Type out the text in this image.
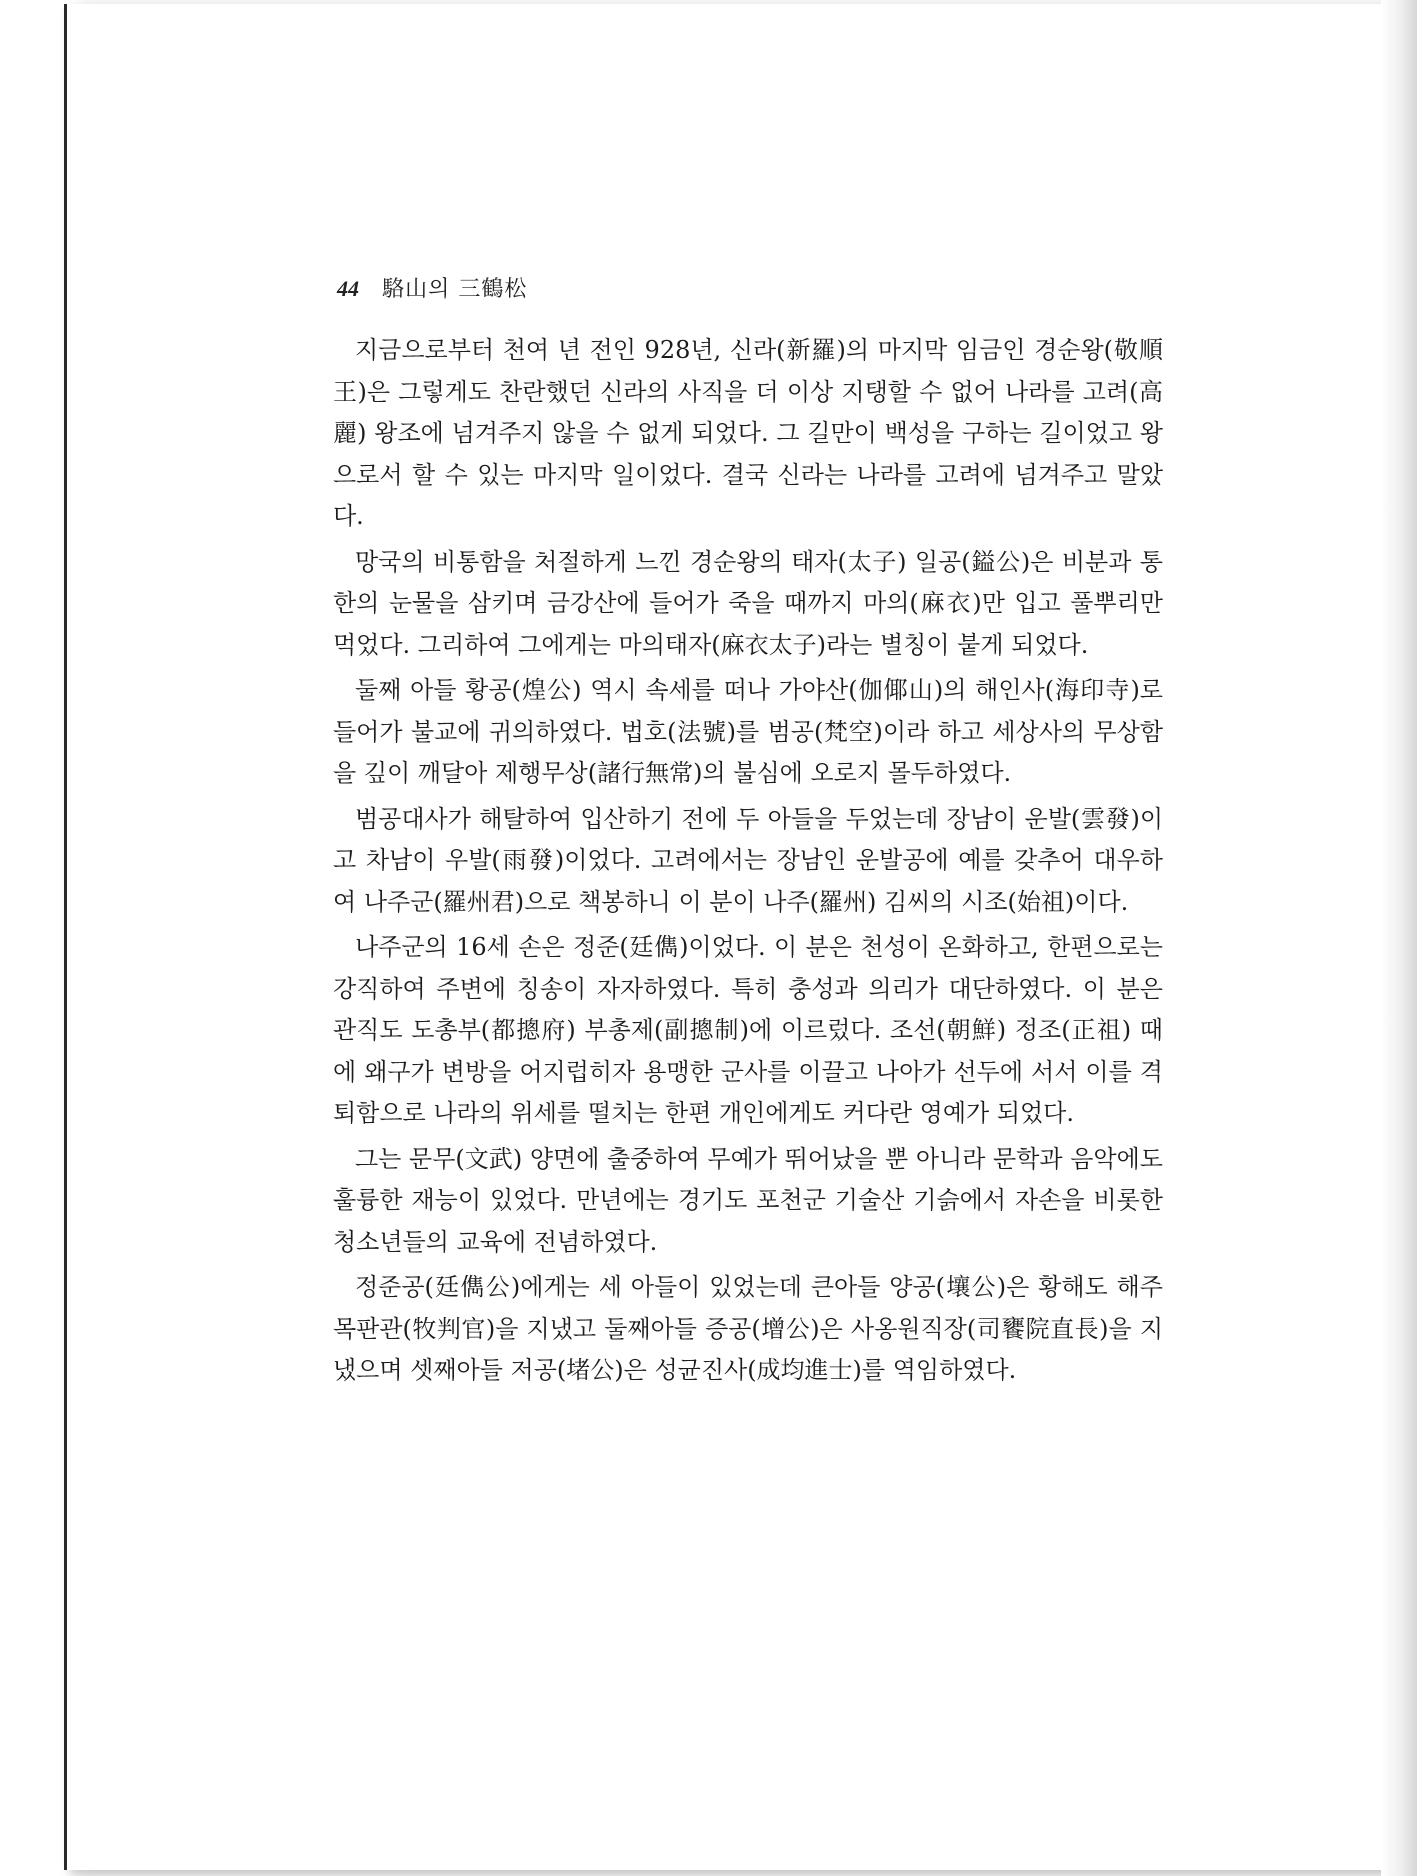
44 駱山의 三鶴松

지금으로부터 천여 년 전인 928년, 신라(新羅)의 마지막 임금인 경순왕(敬順王)은 그렇게도 찬란했던 신라의 사직을 더 이상 지탱할 수 없어 나라를 고려(高麗) 왕조에 넘겨주지 않을 수 없게 되었다. 그 길만이 백성을 구하는 길이었고 왕으로서 할 수 있는 마지막 일이었다. 결국 신라는 나라를 고려에 넘겨주고 말았다.

망국의 비통함을 처절하게 느낀 경순왕의 태자(太子) 일공(鎰公)은 비분과 통한의 눈물을 삼키며 금강산에 들어가 죽을 때까지 마의(麻衣)만 입고 풀뿌리만 먹었다. 그리하여 그에게는 마의태자(麻衣太子)라는 별칭이 붙게 되었다.

둘째 아들 황공(煌公) 역시 속세를 떠나 가야산(伽倻山)의 해인사(海印寺)로 들어가 불교에 귀의하였다. 법호(法號)를 범공(梵空)이라 하고 세상사의 무상함을 깊이 깨달아 제행무상(諸行無常)의 불심에 오로지 몰두하였다.

범공대사가 해탈하여 입산하기 전에 두 아들을 두었는데 장남이 운발(雲發)이고 차남이 우발(雨發)이었다. 고려에서는 장남인 운발공에 예를 갖추어 대우하여 나주군(羅州君)으로 책봉하니 이 분이 나주(羅州) 김씨의 시조(始祖)이다.

나주군의 16세 손은 정준(廷儁)이었다. 이 분은 천성이 온화하고, 한편으로는 강직하여 주변에 칭송이 자자하였다. 특히 충성과 의리가 대단하였다. 이 분은 관직도 도총부(都摠府) 부총제(副摠制)에 이르렀다. 조선(朝鮮) 정조(正祖) 때에 왜구가 변방을 어지럽히자 용맹한 군사를 이끌고 나아가 선두에 서서 이를 격퇴함으로 나라의 위세를 떨치는 한편 개인에게도 커다란 영예가 되었다.

그는 문무(文武) 양면에 출중하여 무예가 뛰어났을 뿐 아니라 문학과 음악에도 훌륭한 재능이 있었다. 만년에는 경기도 포천군 기술산 기슭에서 자손을 비롯한 청소년들의 교육에 전념하였다.

정준공(廷儁公)에게는 세 아들이 있었는데 큰아들 양공(壤公)은 황해도 해주 목판관(牧判官)을 지냈고 둘째아들 증공(增公)은 사옹원직장(司饔院直長)을 지냈으며 셋째아들 저공(堵公)은 성균진사(成均進士)를 역임하였다.
